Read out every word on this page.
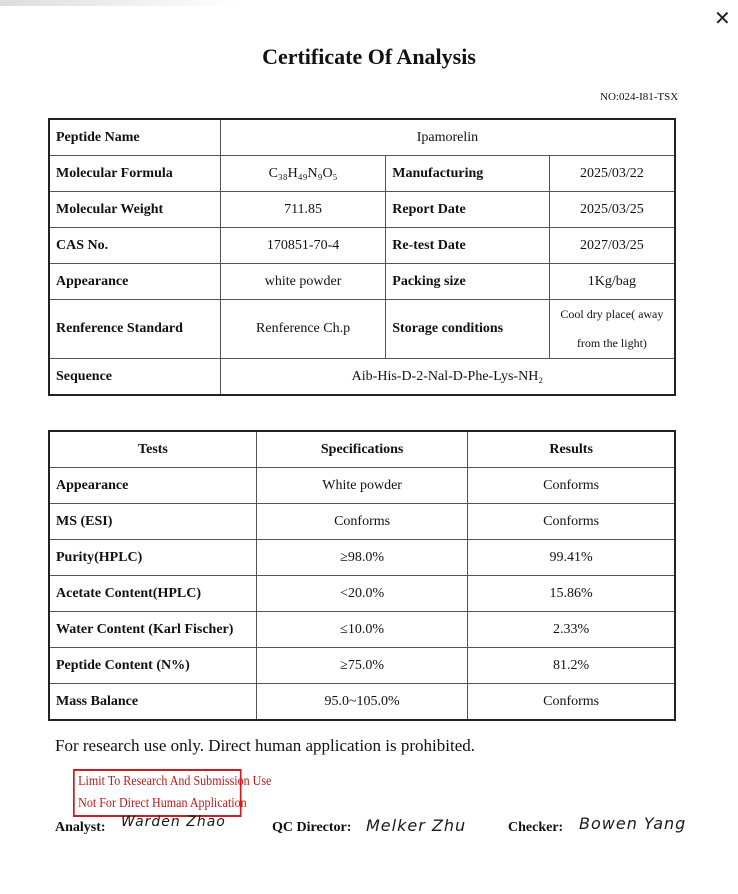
✕
Certificate Of Analysis
NO:024-I81-TSX
Peptide Name	Ipamorelin		
Molecular Formula	C₃₈H₄₉N₉O₅	Manufacturing	2025/03/22
Molecular Weight	711.85	Report Date	2025/03/25
CAS No.	170851-70-4	Re-test Date	2027/03/25
Appearance	white powder	Packing size	1Kg/bag
Renference Standard	Renference Ch.p	Storage conditions	Cool dry place( away
from the light)

Sequence	Aib-His-D-2-Nal-D-Phe-Lys-NH₂		
Tests	Specifications	Results
Appearance	White powder	Conforms
MS (ESI)	Conforms	Conforms
Purity(HPLC)	≥98.0%	99.41%
Acetate Content(HPLC)	<20.0%	15.86%
Water Content (Karl Fischer)	≤10.0%	2.33%
Peptide Content (N%)	≥75.0%	81.2%
Mass Balance	95.0~105.0%	Conforms
For research use only. Direct human application is prohibited.
Limit To Research And Submission Use
Not For Direct Human Application
Analyst: Warden Zhao	QC Director: Melker Zhu	Checker: Bowen Yang
